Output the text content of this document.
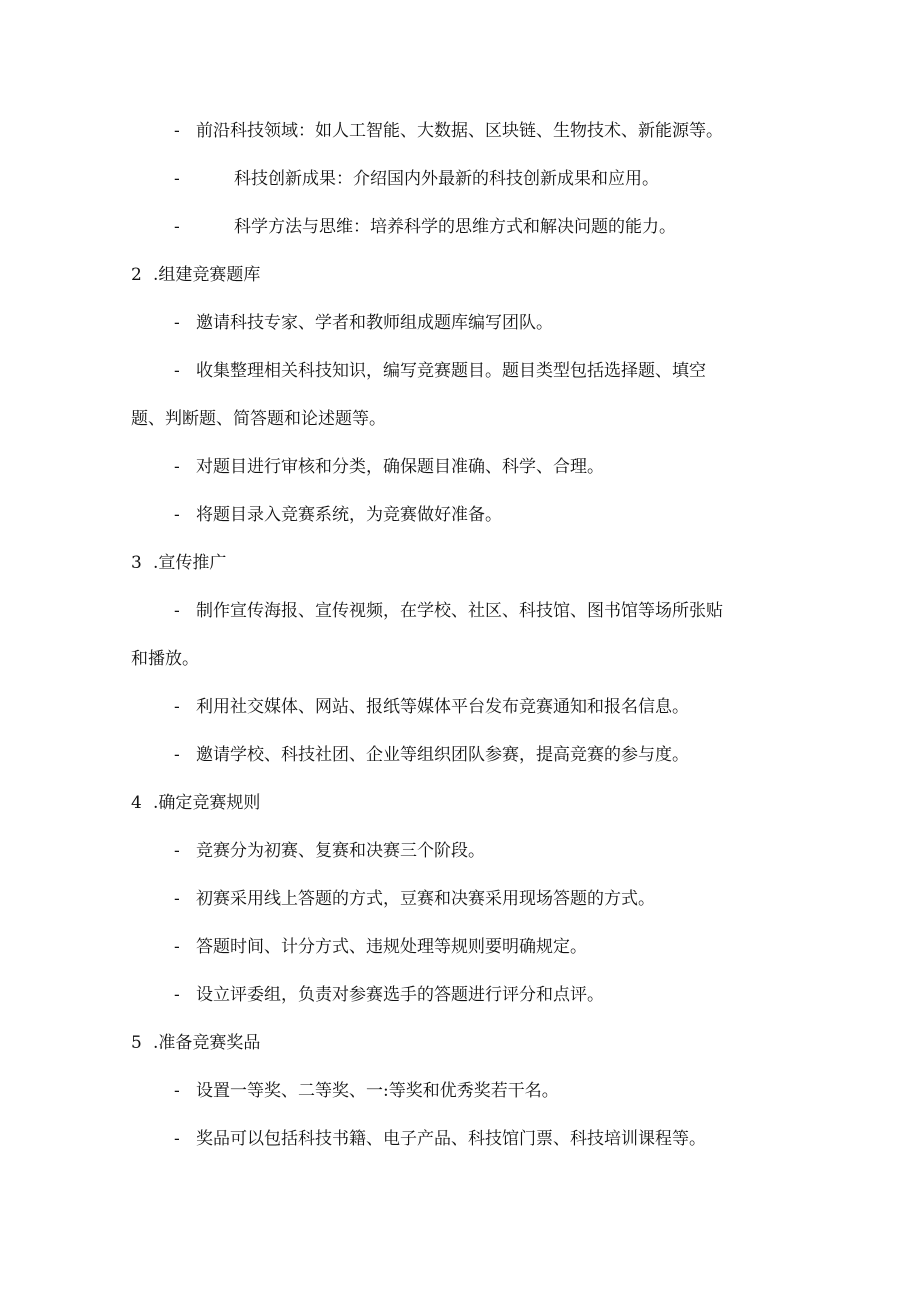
- 前沿科技领域：如人工智能、大数据、区块链、生物技术、新能源等。
-	科技创新成果：介绍国内外最新的科技创新成果和应用。
-	科学方法与思维：培养科学的思维方式和解决问题的能力。
2 .组建竞赛题库
- 邀请科技专家、学者和教师组成题库编写团队。
- 收集整理相关科技知识，编写竞赛题目。题目类型包括选择题、填空
题、判断题、简答题和论述题等。
- 对题目进行审核和分类，确保题目准确、科学、合理。
- 将题目录入竞赛系统，为竞赛做好准备。
3 .宣传推广
- 制作宣传海报、宣传视频，在学校、社区、科技馆、图书馆等场所张贴
和播放。
- 利用社交媒体、网站、报纸等媒体平台发布竞赛通知和报名信息。
- 邀请学校、科技社团、企业等组织团队参赛，提高竞赛的参与度。
4 .确定竞赛规则
- 竞赛分为初赛、复赛和决赛三个阶段。
- 初赛采用线上答题的方式，豆赛和决赛采用现场答题的方式。
- 答题时间、计分方式、违规处理等规则要明确规定。
- 设立评委组，负责对参赛选手的答题进行评分和点评。
5 .准备竞赛奖品
- 设置一等奖、二等奖、一:等奖和优秀奖若干名。
- 奖品可以包括科技书籍、电子产品、科技馆门票、科技培训课程等。
